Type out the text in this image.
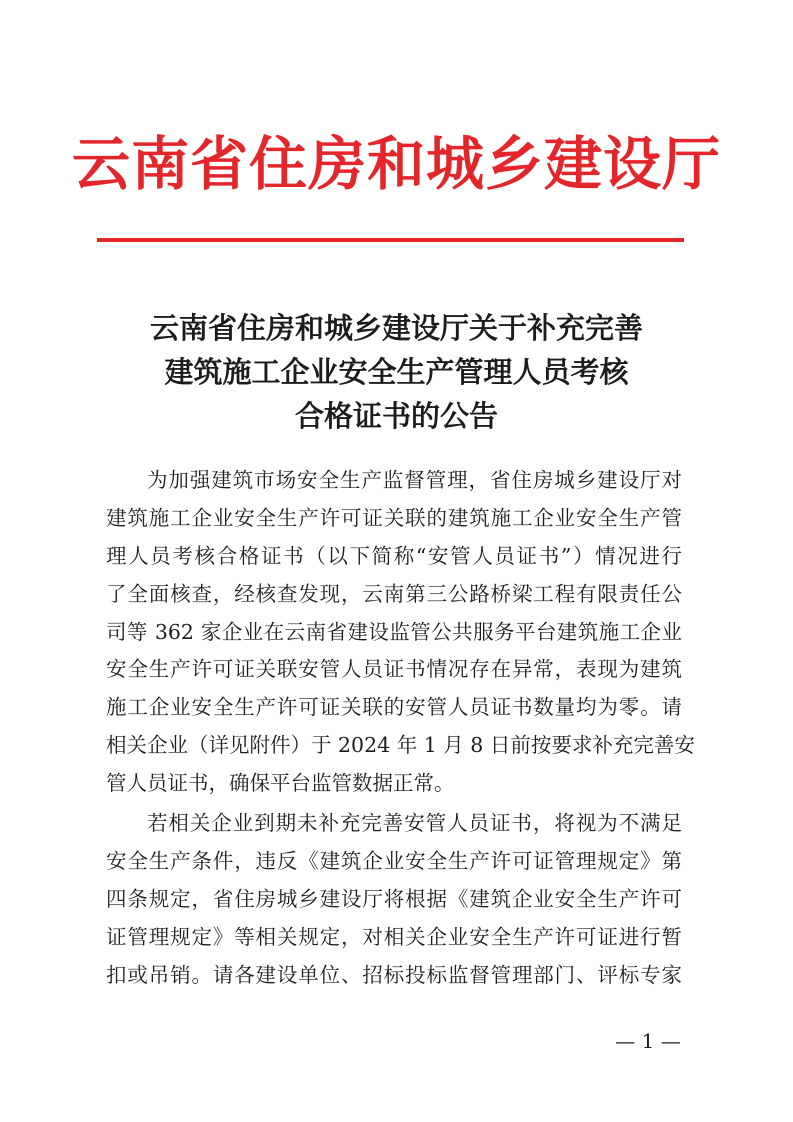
云南省住房和城乡建设厅
云南省住房和城乡建设厅关于补充完善
建筑施工企业安全生产管理人员考核
合格证书的公告
为加强建筑市场安全生产监督管理，省住房城乡建设厅对
建筑施工企业安全生产许可证关联的建筑施工企业安全生产管
理人员考核合格证书（以下简称“安管人员证书”）情况进行
了全面核查，经核查发现，云南第三公路桥梁工程有限责任公
司等 362 家企业在云南省建设监管公共服务平台建筑施工企业
安全生产许可证关联安管人员证书情况存在异常，表现为建筑
施工企业安全生产许可证关联的安管人员证书数量均为零。请
相关企业（详见附件）于 2024 年 1 月 8 日前按要求补充完善安
管人员证书，确保平台监管数据正常。
若相关企业到期未补充完善安管人员证书，将视为不满足
安全生产条件，违反《建筑企业安全生产许可证管理规定》第
四条规定，省住房城乡建设厅将根据《建筑企业安全生产许可
证管理规定》等相关规定，对相关企业安全生产许可证进行暂
扣或吊销。请各建设单位、招标投标监督管理部门、评标专家
— 1 —
